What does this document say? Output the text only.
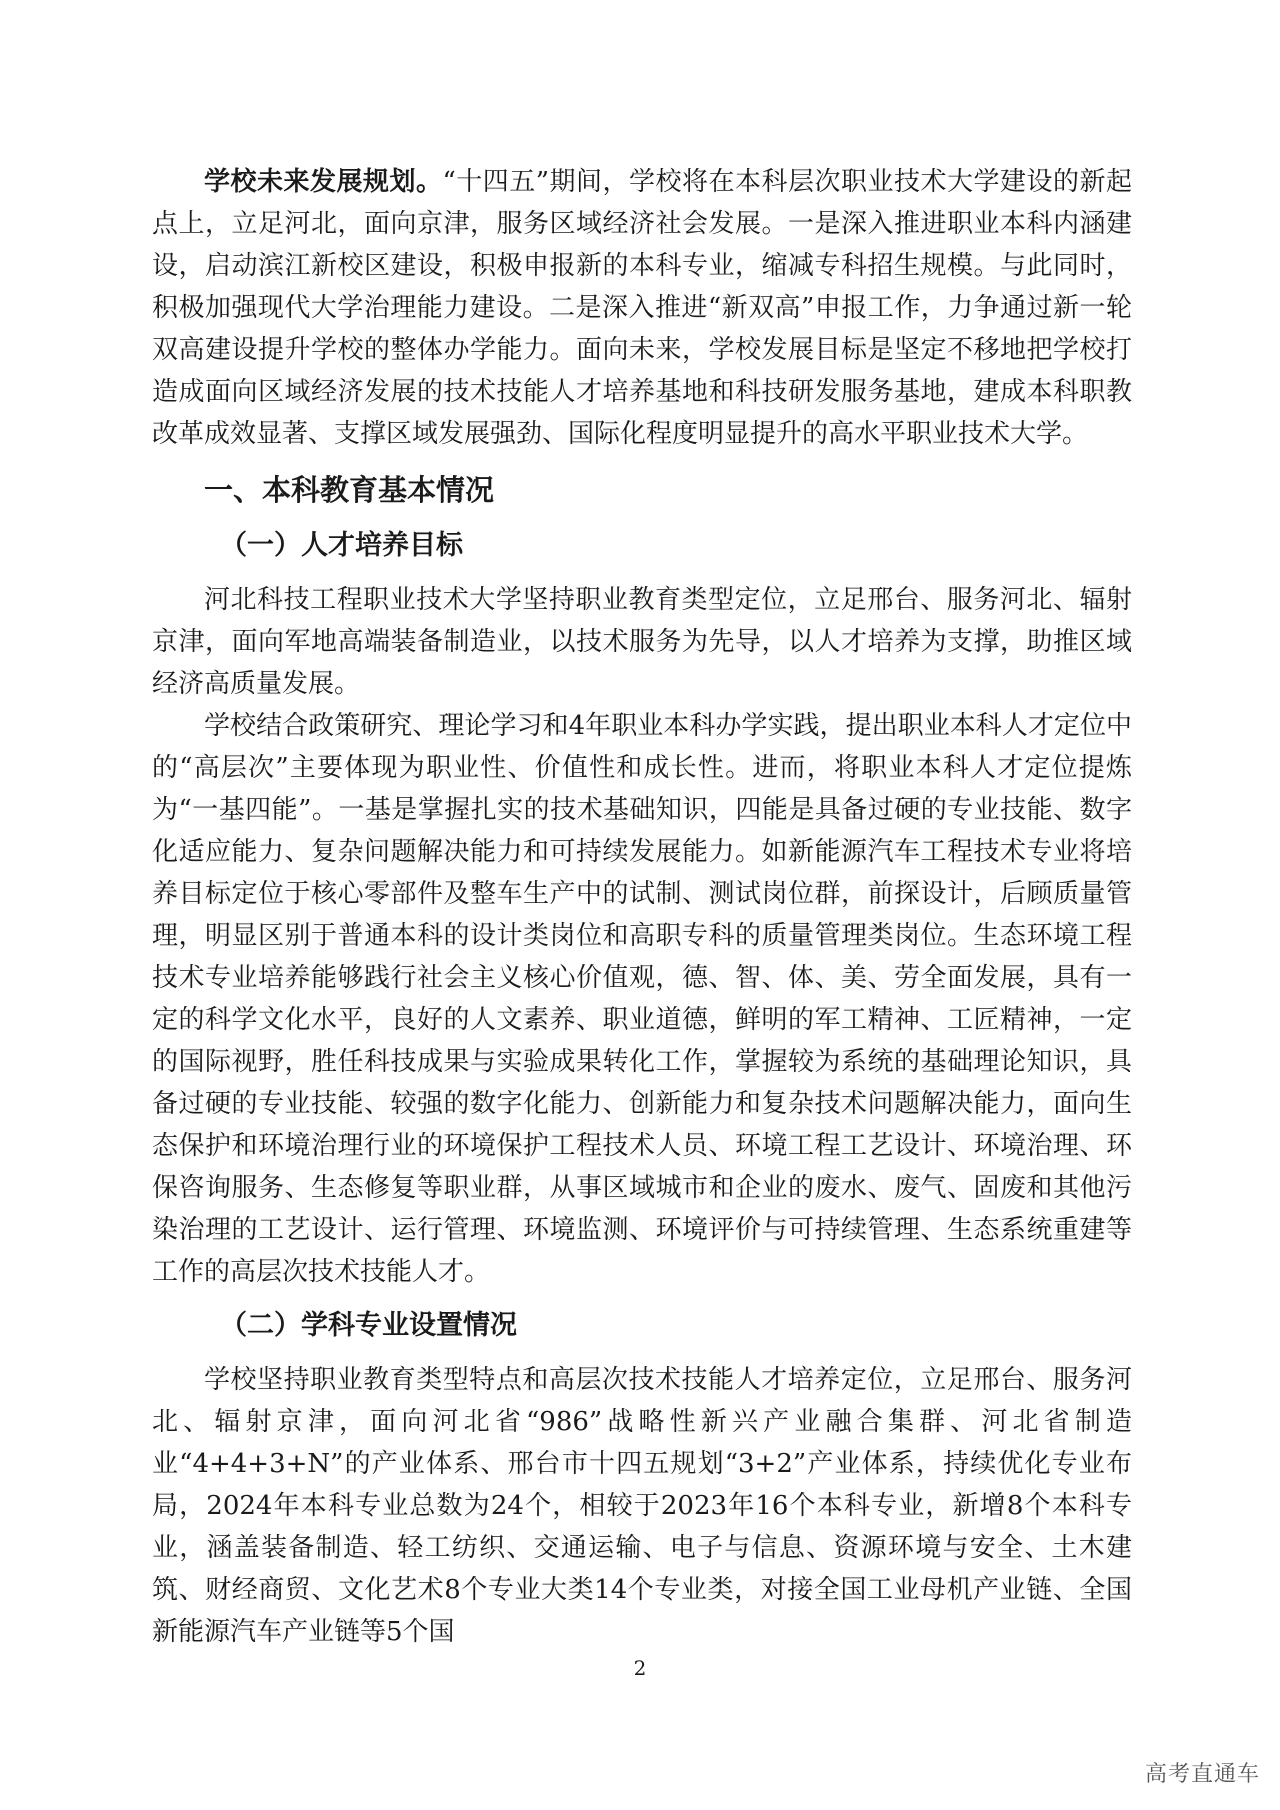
学校未来发展规划。“十四五”期间，学校将在本科层次职业技术大学建设的新起点上，立足河北，面向京津，服务区域经济社会发展。一是深入推进职业本科内涵建设，启动滨江新校区建设，积极申报新的本科专业，缩减专科招生规模。与此同时，积极加强现代大学治理能力建设。二是深入推进“新双高”申报工作，力争通过新一轮双高建设提升学校的整体办学能力。面向未来，学校发展目标是坚定不移地把学校打造成面向区域经济发展的技术技能人才培养基地和科技研发服务基地，建成本科职教改革成效显著、支撑区域发展强劲、国际化程度明显提升的高水平职业技术大学。

一、本科教育基本情况
（一）人才培养目标

河北科技工程职业技术大学坚持职业教育类型定位，立足邢台、服务河北、辐射京津，面向军地高端装备制造业，以技术服务为先导，以人才培养为支撑，助推区域经济高质量发展。

学校结合政策研究、理论学习和4年职业本科办学实践，提出职业本科人才定位中的“高层次”主要体现为职业性、价值性和成长性。进而，将职业本科人才定位提炼为“一基四能”。一基是掌握扎实的技术基础知识，四能是具备过硬的专业技能、数字化适应能力、复杂问题解决能力和可持续发展能力。如新能源汽车工程技术专业将培养目标定位于核心零部件及整车生产中的试制、测试岗位群，前探设计，后顾质量管理，明显区别于普通本科的设计类岗位和高职专科的质量管理类岗位。生态环境工程技术专业培养能够践行社会主义核心价值观，德、智、体、美、劳全面发展，具有一定的科学文化水平，良好的人文素养、职业道德，鲜明的军工精神、工匠精神，一定的国际视野，胜任科技成果与实验成果转化工作，掌握较为系统的基础理论知识，具备过硬的专业技能、较强的数字化能力、创新能力和复杂技术问题解决能力，面向生态保护和环境治理行业的环境保护工程技术人员、环境工程工艺设计、环境治理、环保咨询服务、生态修复等职业群，从事区域城市和企业的废水、废气、固废和其他污染治理的工艺设计、运行管理、环境监测、环境评价与可持续管理、生态系统重建等工作的高层次技术技能人才。

（二）学科专业设置情况

学校坚持职业教育类型特点和高层次技术技能人才培养定位，立足邢台、服务河北、辐射京津，面向河北省“986”战略性新兴产业融合集群、河北省制造业“4+4+3+N”的产业体系、邢台市十四五规划“3+2”产业体系，持续优化专业布局，2024年本科专业总数为24个，相较于2023年16个本科专业，新增8个本科专业，涵盖装备制造、轻工纺织、交通运输、电子与信息、资源环境与安全、土木建筑、财经商贸、文化艺术8个专业大类14个专业类，对接全国工业母机产业链、全国新能源汽车产业链等5个国

2
高考直通车
